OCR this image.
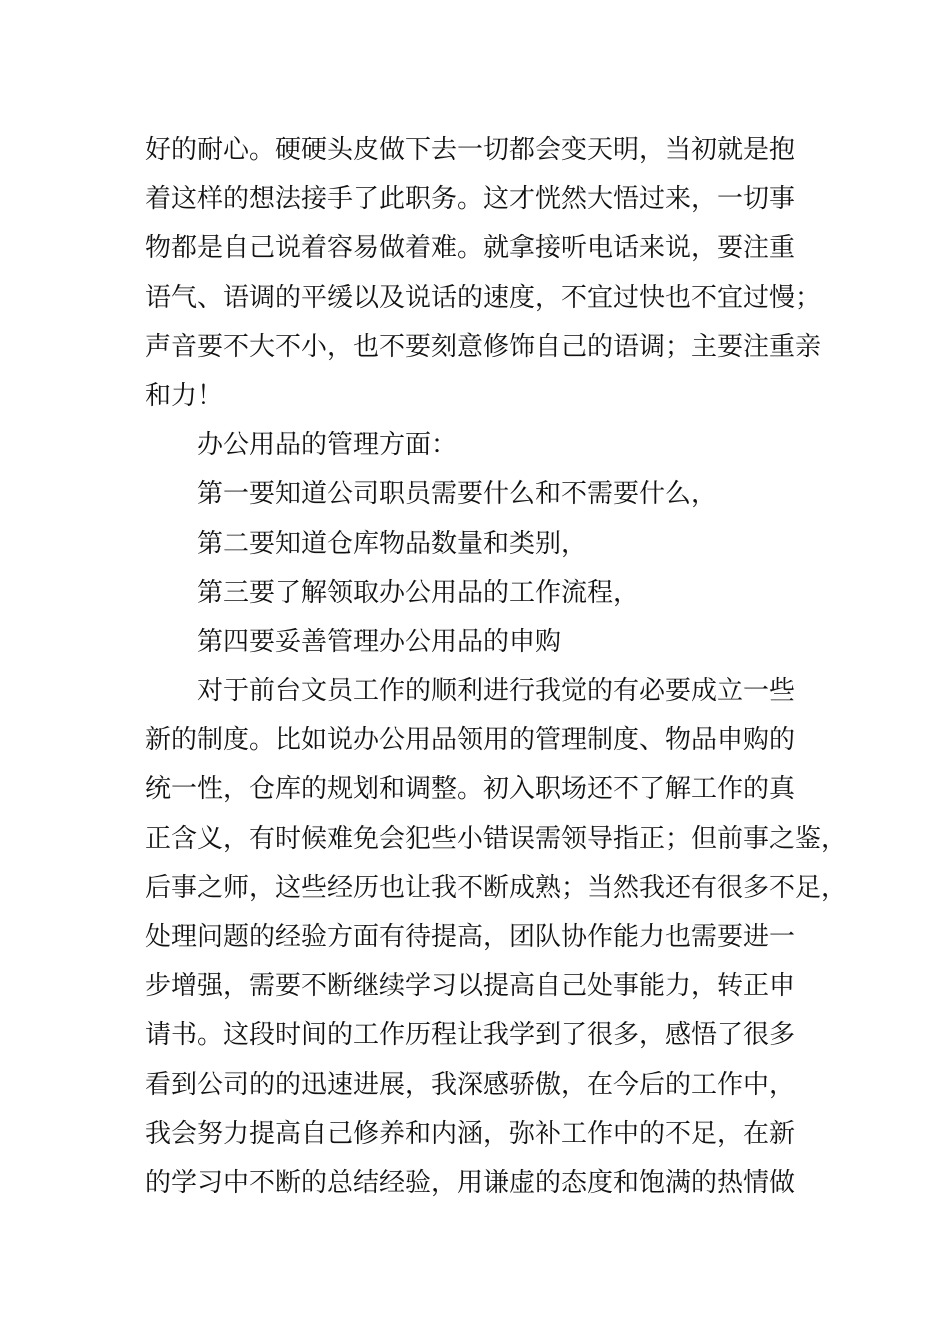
好的耐心。硬硬头皮做下去一切都会变天明，当初就是抱
着这样的想法接手了此职务。这才恍然大悟过来，一切事
物都是自己说着容易做着难。就拿接听电话来说，要注重
语气、语调的平缓以及说话的速度，不宜过快也不宜过慢；
声音要不大不小，也不要刻意修饰自己的语调；主要注重亲
和力！
办公用品的管理方面：
第一要知道公司职员需要什么和不需要什么，
第二要知道仓库物品数量和类别，
第三要了解领取办公用品的工作流程，
第四要妥善管理办公用品的申购
对于前台文员工作的顺利进行我觉的有必要成立一些
新的制度。比如说办公用品领用的管理制度、物品申购的
统一性，仓库的规划和调整。初入职场还不了解工作的真
正含义，有时候难免会犯些小错误需领导指正；但前事之鉴，
后事之师，这些经历也让我不断成熟；当然我还有很多不足，
处理问题的经验方面有待提高，团队协作能力也需要进一
步增强，需要不断继续学习以提高自己处事能力，转正申
请书。这段时间的工作历程让我学到了很多，感悟了很多
看到公司的的迅速进展，我深感骄傲，在今后的工作中，
我会努力提高自己修养和内涵，弥补工作中的不足，在新
的学习中不断的总结经验，用谦虚的态度和饱满的热情做
